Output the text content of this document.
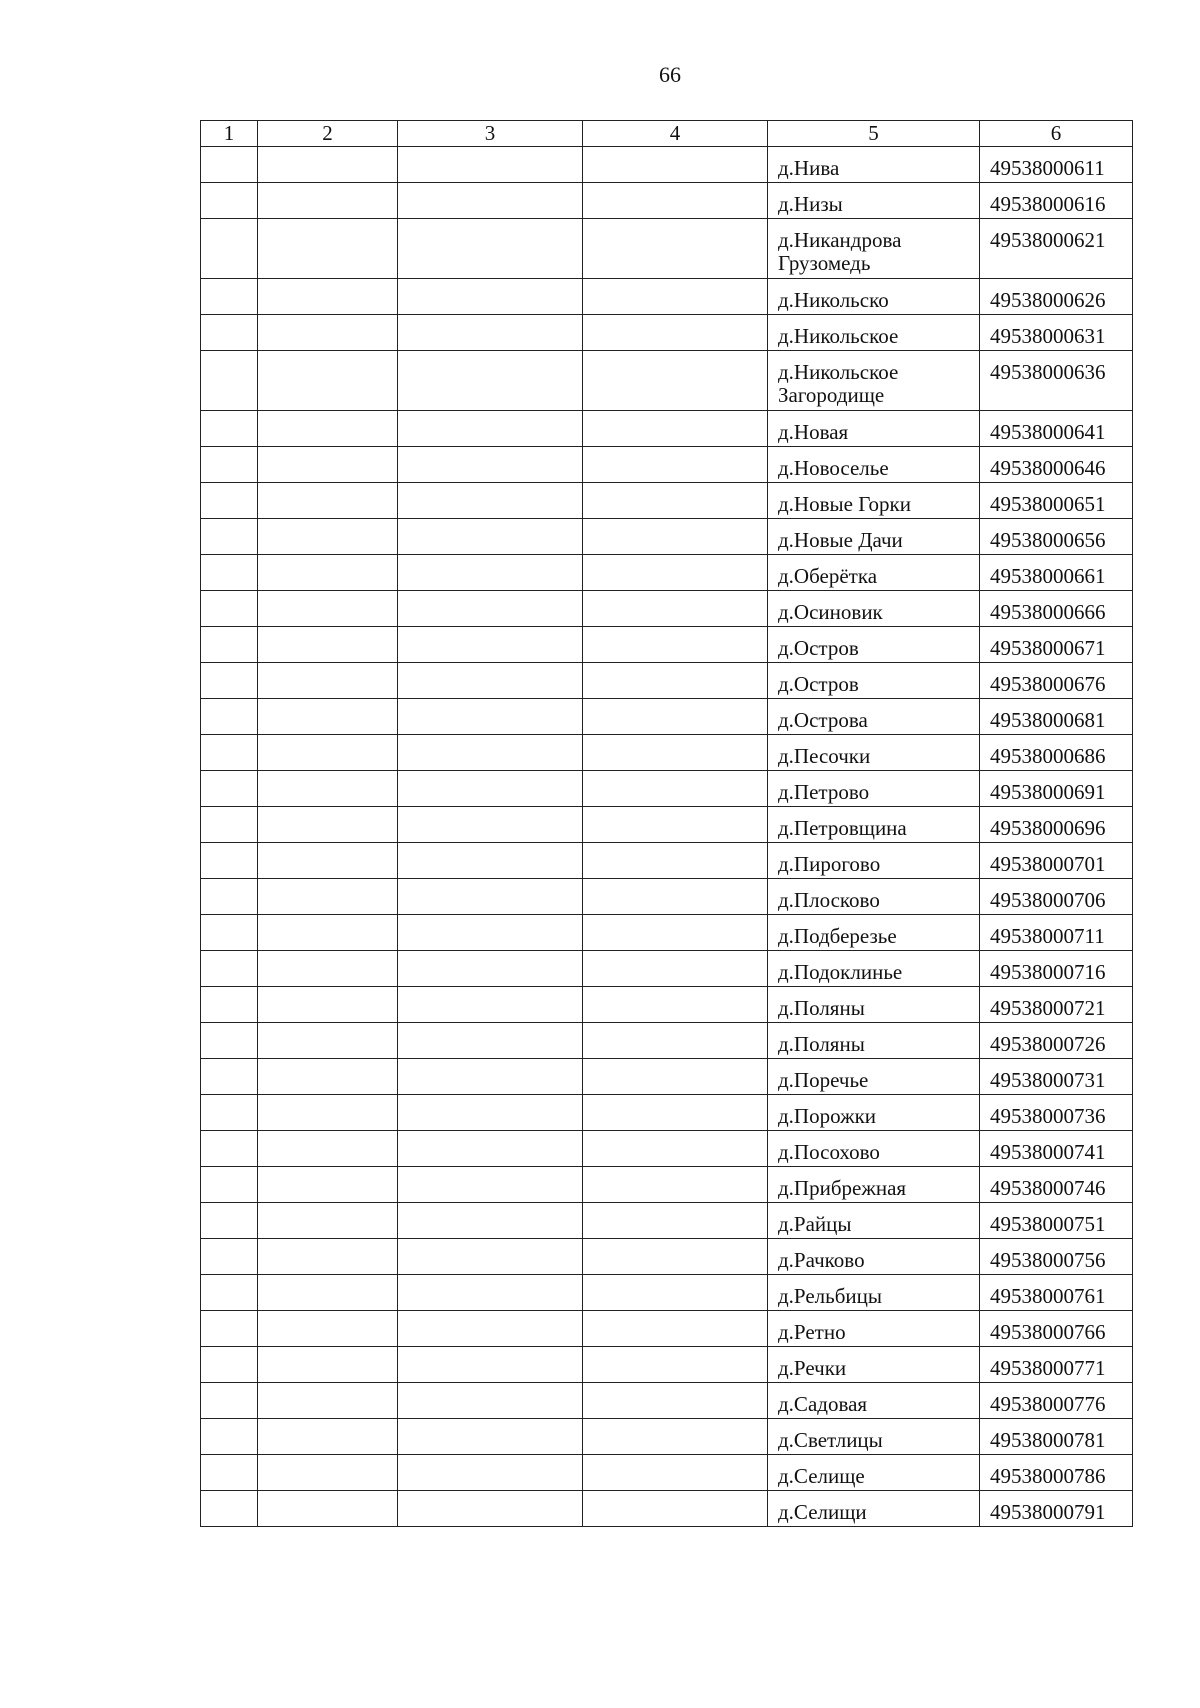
66
1	2	3	4	5	6
				д.Нива	49538000611
				д.Низы	49538000616
				д.Никандрова Грузомедь	49538000621
				д.Никольско	49538000626
				д.Никольское	49538000631
				д.Никольское Загородище	49538000636
				д.Новая	49538000641
				д.Новоселье	49538000646
				д.Новые Горки	49538000651
				д.Новые Дачи	49538000656
				д.Оберётка	49538000661
				д.Осиновик	49538000666
				д.Остров	49538000671
				д.Остров	49538000676
				д.Острова	49538000681
				д.Песочки	49538000686
				д.Петрово	49538000691
				д.Петровщина	49538000696
				д.Пирогово	49538000701
				д.Плосково	49538000706
				д.Подберезье	49538000711
				д.Подоклинье	49538000716
				д.Поляны	49538000721
				д.Поляны	49538000726
				д.Поречье	49538000731
				д.Порожки	49538000736
				д.Посохово	49538000741
				д.Прибрежная	49538000746
				д.Райцы	49538000751
				д.Рачково	49538000756
				д.Рельбицы	49538000761
				д.Ретно	49538000766
				д.Речки	49538000771
				д.Садовая	49538000776
				д.Светлицы	49538000781
				д.Селище	49538000786
				д.Селищи	49538000791
